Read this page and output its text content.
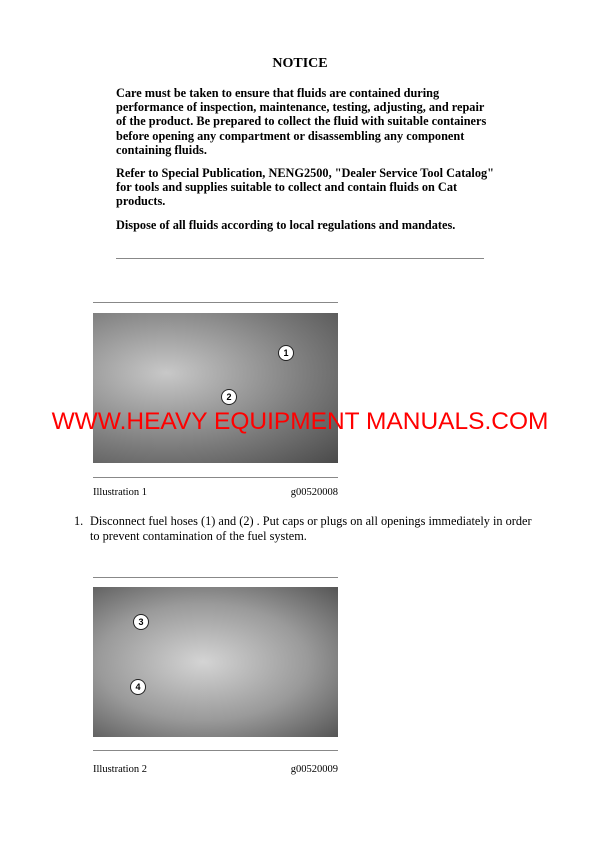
NOTICE

Care must be taken to ensure that fluids are contained during performance of inspection, maintenance, testing, adjusting, and repair of the product. Be prepared to collect the fluid with suitable containers before opening any compartment or disassembling any component containing fluids.

Refer to Special Publication, NENG2500, "Dealer Service Tool Catalog" for tools and supplies suitable to collect and contain fluids on Cat products.

Dispose of all fluids according to local regulations and mandates.

1
2
Illustration 1	g00520008
1. Disconnect fuel hoses (1) and (2) . Put caps or plugs on all openings immediately in order to prevent contamination of the fuel system.
3
4
Illustration 2	g00520009
WWW.HEAVY EQUIPMENT MANUALS.COM
